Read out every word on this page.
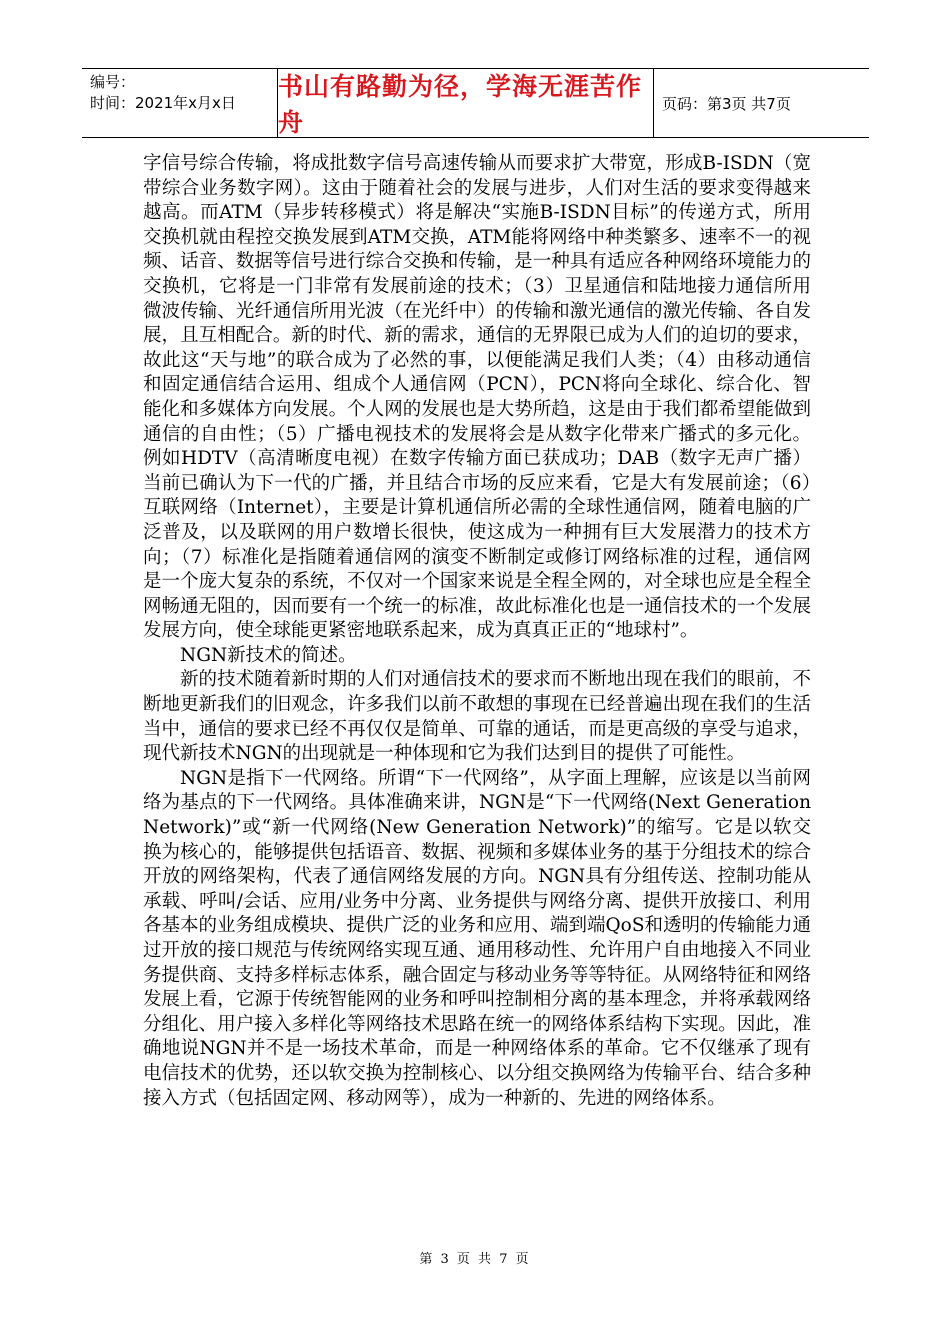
编号：
时间：2021年x月x日
书山有路勤为径，学海无涯苦作舟
页码：第3页 共7页

字信号综合传输，将成批数字信号高速传输从而要求扩大带宽，形成B-ISDN（宽带综合业务数字网）。这由于随着社会的发展与进步，人们对生活的要求变得越来越高。而ATM（异步转移模式）将是解决“实施B-ISDN目标”的传递方式，所用交换机就由程控交换发展到ATM交换，ATM能将网络中种类繁多、速率不一的视频、话音、数据等信号进行综合交换和传输，是一种具有适应各种网络环境能力的交换机，它将是一门非常有发展前途的技术；（3）卫星通信和陆地接力通信所用微波传输、光纤通信所用光波（在光纤中）的传输和激光通信的激光传输、各自发展，且互相配合。新的时代、新的需求，通信的无界限已成为人们的迫切的要求，故此这“天与地”的联合成为了必然的事，以便能满足我们人类；（4）由移动通信和固定通信结合运用、组成个人通信网（PCN），PCN将向全球化、综合化、智能化和多媒体方向发展。个人网的发展也是大势所趋，这是由于我们都希望能做到通信的自由性；（5）广播电视技术的发展将会是从数字化带来广播式的多元化。例如HDTV（高清晰度电视）在数字传输方面已获成功；DAB（数字无声广播）当前已确认为下一代的广播，并且结合市场的反应来看，它是大有发展前途；（6）互联网络（Internet），主要是计算机通信所必需的全球性通信网，随着电脑的广泛普及，以及联网的用户数增长很快，使这成为一种拥有巨大发展潜力的技术方向；（7）标准化是指随着通信网的演变不断制定或修订网络标准的过程，通信网是一个庞大复杂的系统，不仅对一个国家来说是全程全网的，对全球也应是全程全网畅通无阻的，因而要有一个统一的标准，故此标准化也是一通信技术的一个发展发展方向，使全球能更紧密地联系起来，成为真真正正的“地球村”。

NGN新技术的简述。

新的技术随着新时期的人们对通信技术的要求而不断地出现在我们的眼前，不断地更新我们的旧观念，许多我们以前不敢想的事现在已经普遍出现在我们的生活当中，通信的要求已经不再仅仅是简单、可靠的通话，而是更高级的享受与追求，现代新技术NGN的出现就是一种体现和它为我们达到目的提供了可能性。

NGN是指下一代网络。所谓“下一代网络”，从字面上理解，应该是以当前网络为基点的下一代网络。具体准确来讲，NGN是“下一代网络(Next Generation Network)”或“新一代网络(New Generation Network)”的缩写。它是以软交换为核心的，能够提供包括语音、数据、视频和多媒体业务的基于分组技术的综合开放的网络架构，代表了通信网络发展的方向。NGN具有分组传送、控制功能从承载、呼叫/会话、应用/业务中分离、业务提供与网络分离、提供开放接口、利用各基本的业务组成模块、提供广泛的业务和应用、端到端QoS和透明的传输能力通过开放的接口规范与传统网络实现互通、通用移动性、允许用户自由地接入不同业务提供商、支持多样标志体系，融合固定与移动业务等等特征。从网络特征和网络发展上看，它源于传统智能网的业务和呼叫控制相分离的基本理念，并将承载网络分组化、用户接入多样化等网络技术思路在统一的网络体系结构下实现。因此，准确地说NGN并不是一场技术革命，而是一种网络体系的革命。它不仅继承了现有电信技术的优势，还以软交换为控制核心、以分组交换网络为传输平台、结合多种接入方式（包括固定网、移动网等），成为一种新的、先进的网络体系。

第 3 页 共 7 页
